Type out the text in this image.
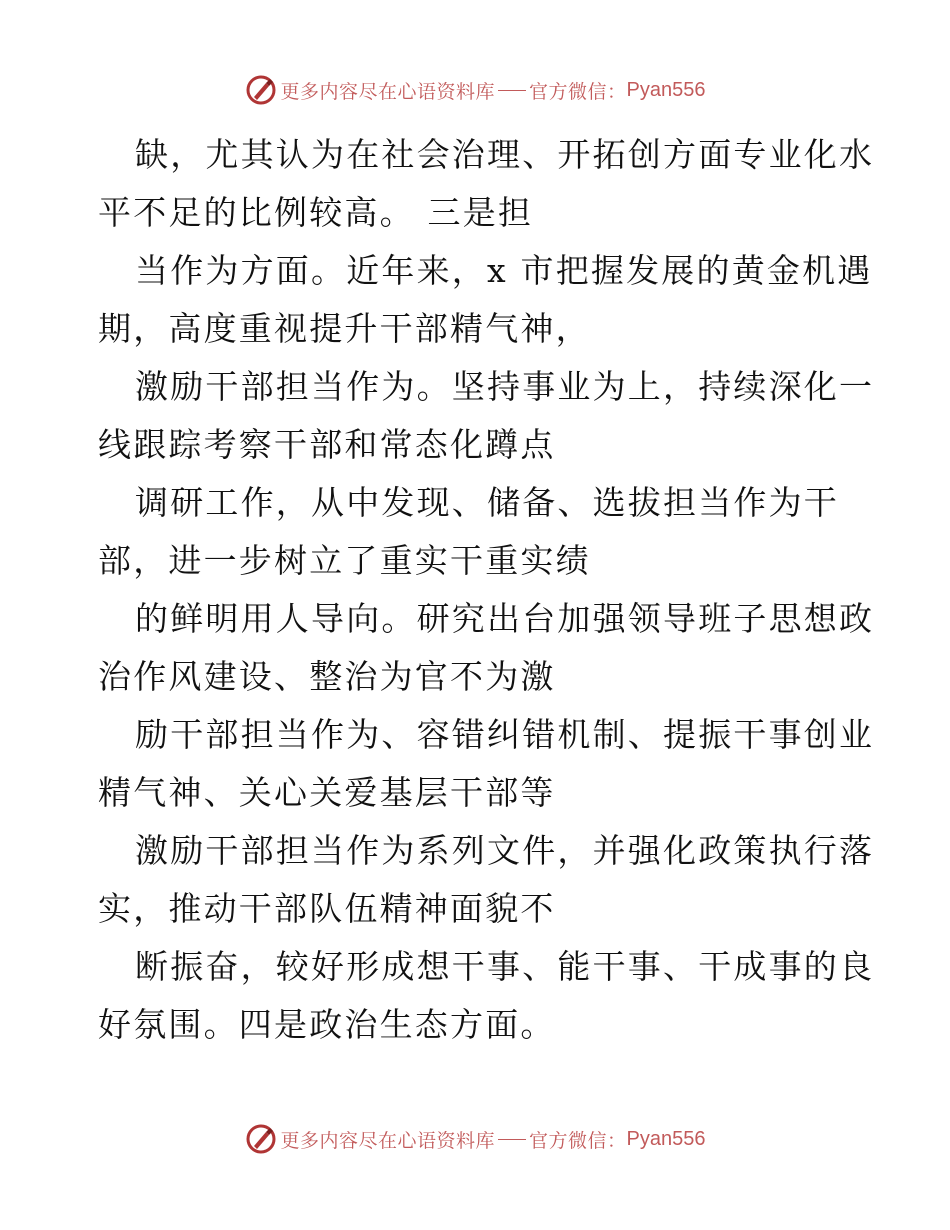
更多内容尽在心语资料库 官方微信： Pyan556
缺，尤其认为在社会治理、开拓创方面专业化水
平不足的比例较高。 三是担
当作为方面。近年来，x 市把握发展的黄金机遇
期，高度重视提升干部精气神，
激励干部担当作为。坚持事业为上，持续深化一
线跟踪考察干部和常态化蹲点
调研工作，从中发现、储备、选拔担当作为干
部，进一步树立了重实干重实绩
的鲜明用人导向。研究出台加强领导班子思想政
治作风建设、整治为官不为激
励干部担当作为、容错纠错机制、提振干事创业
精气神、关心关爱基层干部等
激励干部担当作为系列文件，并强化政策执行落
实，推动干部队伍精神面貌不
断振奋，较好形成想干事、能干事、干成事的良
好氛围。四是政治生态方面。
更多内容尽在心语资料库 官方微信： Pyan556
